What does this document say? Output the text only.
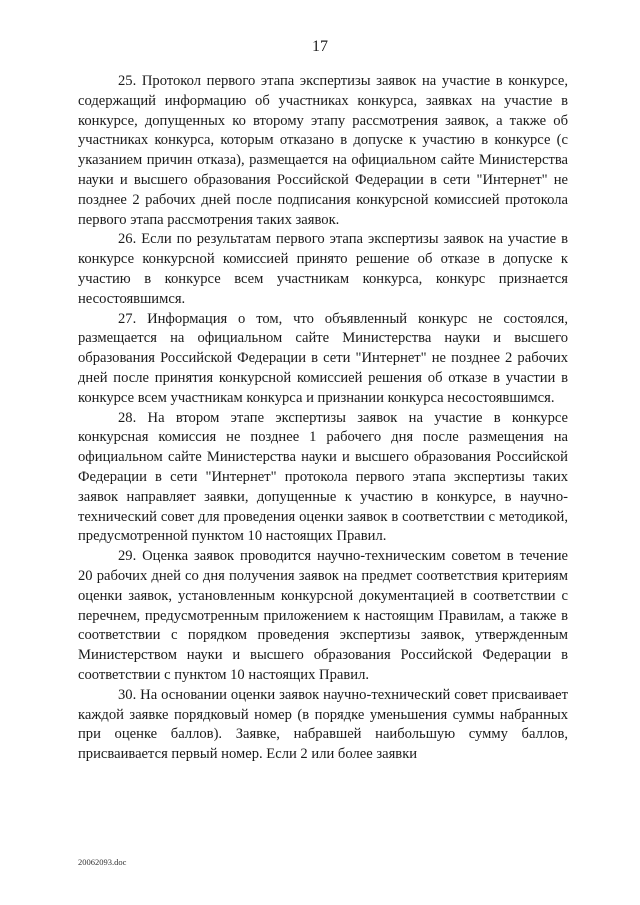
17

25. Протокол первого этапа экспертизы заявок на участие в конкурсе, содержащий информацию об участниках конкурса, заявках на участие в конкурсе, допущенных ко второму этапу рассмотрения заявок, а также об участниках конкурса, которым отказано в допуске к участию в конкурсе (с указанием причин отказа), размещается на официальном сайте Министерства науки и высшего образования Российской Федерации в сети "Интернет" не позднее 2 рабочих дней после подписания конкурсной комиссией протокола первого этапа рассмотрения таких заявок.

26. Если по результатам первого этапа экспертизы заявок на участие в конкурсе конкурсной комиссией принято решение об отказе в допуске к участию в конкурсе всем участникам конкурса, конкурс признается несостоявшимся.

27. Информация о том, что объявленный конкурс не состоялся, размещается на официальном сайте Министерства науки и высшего образования Российской Федерации в сети "Интернет" не позднее 2 рабочих дней после принятия конкурсной комиссией решения об отказе в участии в конкурсе всем участникам конкурса и признании конкурса несостоявшимся.

28. На втором этапе экспертизы заявок на участие в конкурсе конкурсная комиссия не позднее 1 рабочего дня после размещения на официальном сайте Министерства науки и высшего образования Российской Федерации в сети "Интернет" протокола первого этапа экспертизы таких заявок направляет заявки, допущенные к участию в конкурсе, в научно-технический совет для проведения оценки заявок в соответствии с методикой, предусмотренной пунктом 10 настоящих Правил.

29. Оценка заявок проводится научно-техническим советом в течение 20 рабочих дней со дня получения заявок на предмет соответствия критериям оценки заявок, установленным конкурсной документацией в соответствии с перечнем, предусмотренным приложением к настоящим Правилам, а также в соответствии с порядком проведения экспертизы заявок, утвержденным Министерством науки и высшего образования Российской Федерации в соответствии с пунктом 10 настоящих Правил.

30. На основании оценки заявок научно-технический совет присваивает каждой заявке порядковый номер (в порядке уменьшения суммы набранных при оценке баллов). Заявке, набравшей наибольшую сумму баллов, присваивается первый номер. Если 2 или более заявки

20062093.doc
